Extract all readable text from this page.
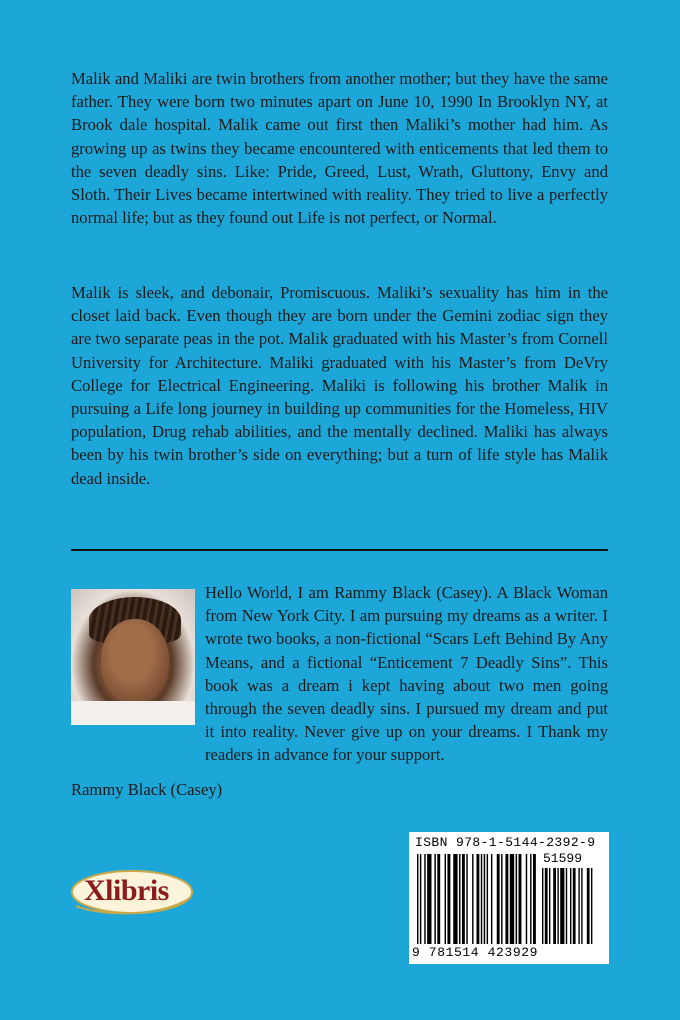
Malik and Maliki are twin brothers from another mother; but they have the same father. They were born two minutes apart on June 10, 1990 In Brooklyn NY, at Brook dale hospital. Malik came out first then Maliki’s mother had him. As growing up as twins they became encountered with enticements that led them to the seven deadly sins. Like: Pride, Greed, Lust, Wrath, Gluttony, Envy and Sloth. Their Lives became intertwined with reality. They tried to live a perfectly normal life; but as they found out Life is not perfect, or Normal.

Malik is sleek, and debonair, Promiscuous. Maliki’s sexuality has him in the closet laid back. Even though they are born under the Gemini zodiac sign they are two separate peas in the pot. Malik graduated with his Master’s from Cornell University for Architecture. Maliki graduated with his Master’s from DeVry College for Electrical Engineering. Maliki is following his brother Malik in pursuing a Life long journey in building up communities for the Homeless, HIV population, Drug rehab abilities, and the mentally declined. Maliki has always been by his twin brother’s side on everything; but a turn of life style has Malik dead inside.

Hello World, I am Rammy Black (Casey). A Black Woman from New York City. I am pursuing my dreams as a writer. I wrote two books, a non-fictional “Scars Left Behind By Any Means, and a fictional “Enticement 7 Deadly Sins”. This book was a dream i kept having about two men going through the seven deadly sins. I pursued my dream and put it into reality. Never give up on your dreams. I Thank my readers in advance for your support.

Rammy Black (Casey)

Xlibris
ISBN 978-1-5144-2392-9
51599
9 781514 423929
